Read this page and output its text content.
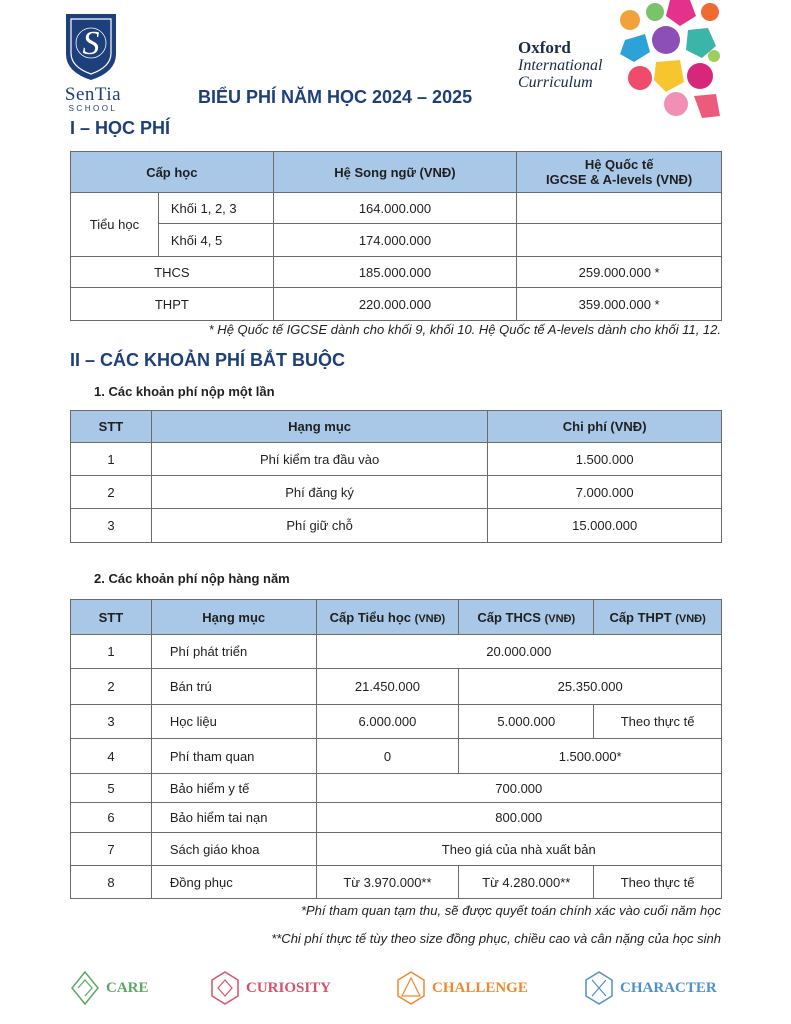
S
SenTia
SCHOOL
BIỂU PHÍ NĂM HỌC 2024 – 2025
Oxford
International
Curriculum
I – HỌC PHÍ
Cấp học		Hệ Song ngữ (VNĐ)	Hệ Quốc tế
IGCSE & A-levels (VNĐ)

Tiểu học	Khối 1, 2, 3	164.000.000	
	Khối 4, 5	174.000.000	
THCS		185.000.000	259.000.000 *
THPT		220.000.000	359.000.000 *
* Hệ Quốc tế IGCSE dành cho khối 9, khối 10. Hệ Quốc tế A-levels dành cho khối 11, 12.
II – CÁC KHOẢN PHÍ BẮT BUỘC
1. Các khoản phí nộp một lần
STT	Hạng mục	Chi phí (VNĐ)
1	Phí kiểm tra đầu vào	1.500.000
2	Phí đăng ký	7.000.000
3	Phí giữ chỗ	15.000.000
2. Các khoản phí nộp hàng năm
STT	Hạng mục	Cấp Tiểu học (VNĐ)	Cấp THCS (VNĐ)	Cấp THPT (VNĐ)
1	Phí phát triển	20.000.000		
2	Bán trú	21.450.000	25.350.000	
3	Học liệu	6.000.000	5.000.000	Theo thực tế
4	Phí tham quan	0	1.500.000*	
5	Bảo hiểm y tế	700.000		
6	Bảo hiểm tai nạn	800.000		
7	Sách giáo khoa	Theo giá của nhà xuất bản		
8	Đồng phục	Từ 3.970.000**	Từ 4.280.000**	Theo thực tế
*Phí tham quan tạm thu, sẽ được quyết toán chính xác vào cuối năm học
**Chi phí thực tế tùy theo size đồng phục, chiều cao và cân nặng của học sinh
CARE	CURIOSITY	CHALLENGE	CHARACTER
